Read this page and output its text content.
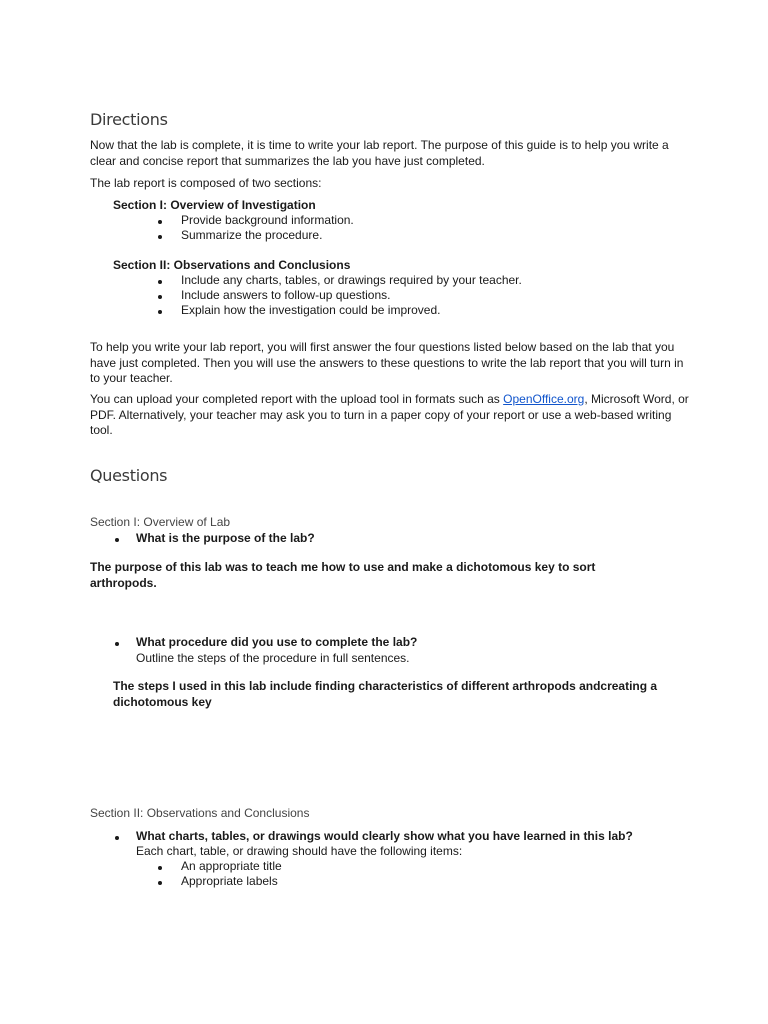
Directions
Now that the lab is complete, it is time to write your lab report. The purpose of this guide is to help you write a clear and concise report that summarizes the lab you have just completed.
The lab report is composed of two sections:
Section I: Overview of Investigation
Provide background information.
Summarize the procedure.
Section II: Observations and Conclusions
Include any charts, tables, or drawings required by your teacher.
Include answers to follow-up questions.
Explain how the investigation could be improved.
To help you write your lab report, you will first answer the four questions listed below based on the lab that you have just completed. Then you will use the answers to these questions to write the lab report that you will turn in to your teacher.
You can upload your completed report with the upload tool in formats such as OpenOffice.org, Microsoft Word, or PDF. Alternatively, your teacher may ask you to turn in a paper copy of your report or use a web-based writing tool.
Questions
Section I: Overview of Lab
What is the purpose of the lab?
The purpose of this lab was to teach me how to use and make a dichotomous key to sort arthropods.
What procedure did you use to complete the lab?
Outline the steps of the procedure in full sentences.
The steps I used in this lab include finding characteristics of different arthropods andcreating a dichotomous key
Section II: Observations and Conclusions
What charts, tables, or drawings would clearly show what you have learned in this lab?
Each chart, table, or drawing should have the following items:
An appropriate title
Appropriate labels
